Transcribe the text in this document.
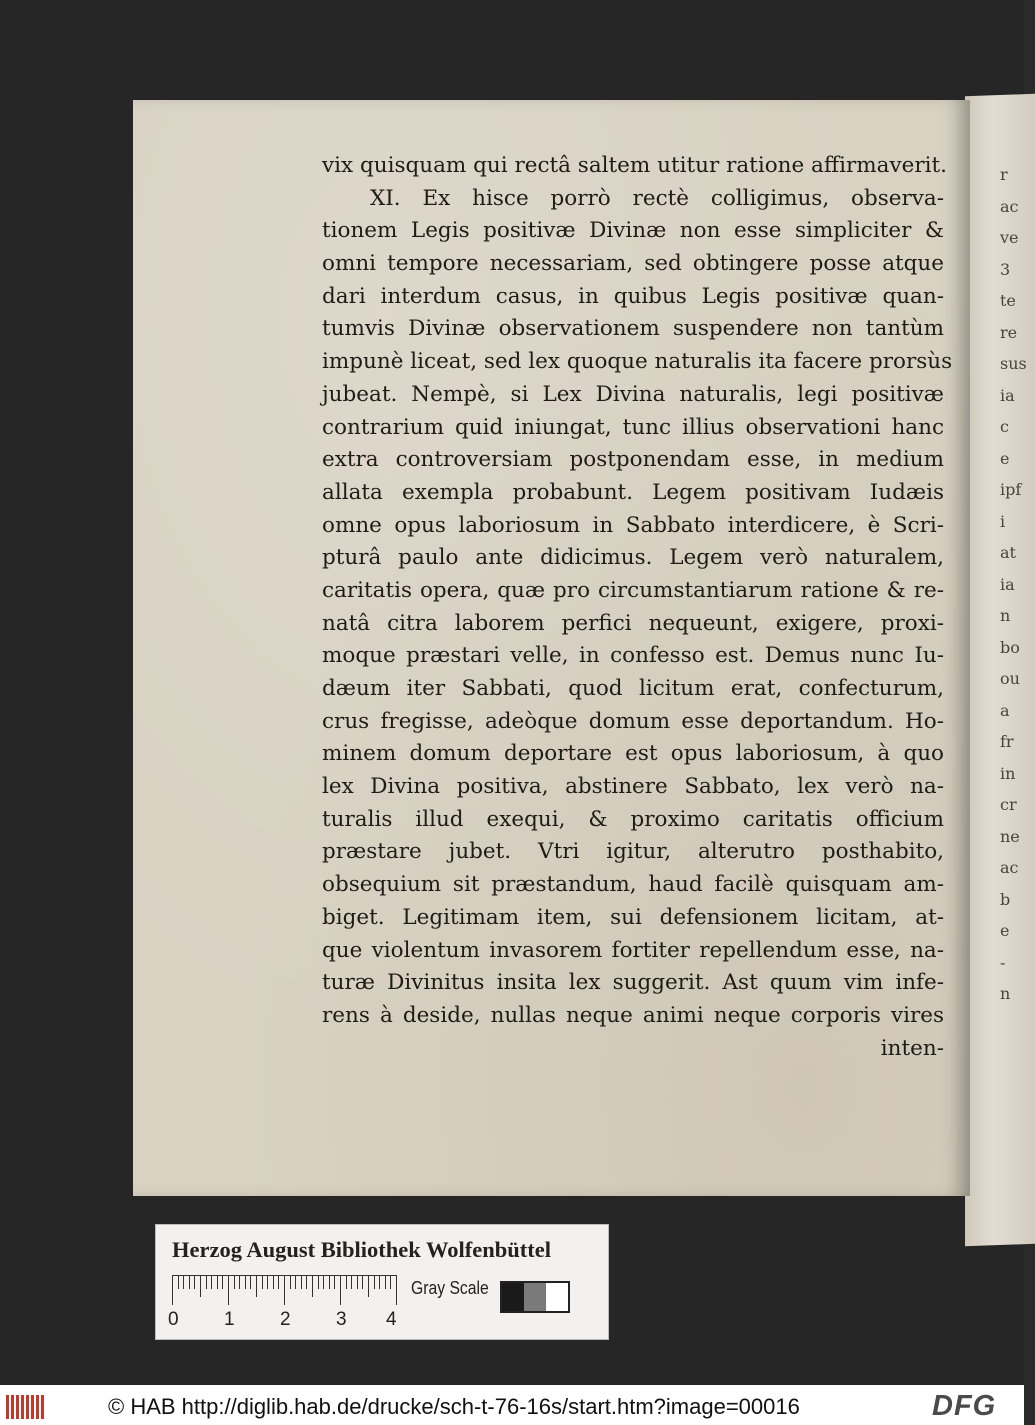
r
ac
ve
3
te
re
sus
ia
c
e
ipf
i
at
ia
n
bo
ou
a
fr
in
cr
ne
ac
b
e
-
n
vix quisquam qui rectâ saltem utitur ratione affirmaverit.
XI. Ex hisce porrò rectè colligimus, observa-
tionem Legis positivæ Divinæ non esse simpliciter &
omni tempore necessariam, sed obtingere posse atque
dari interdum casus, in quibus Legis positivæ quan-
tumvis Divinæ observationem suspendere non tantùm
impunè liceat, sed lex quoque naturalis ita facere prorsùs
jubeat. Nempè, si Lex Divina naturalis, legi positivæ
contrarium quid iniungat, tunc illius observationi hanc
extra controversiam postponendam esse, in medium
allata exempla probabunt. Legem positivam Iudæis
omne opus laboriosum in Sabbato interdicere, è Scri-
pturâ paulo ante didicimus. Legem verò naturalem,
caritatis opera, quæ pro circumstantiarum ratione & re-
natâ citra laborem perfici nequeunt, exigere, proxi-
moque præstari velle, in confesso est. Demus nunc Iu-
dæum iter Sabbati, quod licitum erat, confecturum,
crus fregisse, adeòque domum esse deportandum. Ho-
minem domum deportare est opus laboriosum, à quo
lex Divina positiva, abstinere Sabbato, lex verò na-
turalis illud exequi, & proximo caritatis officium
præstare jubet. Vtri igitur, alterutro posthabito,
obsequium sit præstandum, haud facilè quisquam am-
biget. Legitimam item, sui defensionem licitam, at-
que violentum invasorem fortiter repellendum esse, na-
turæ Divinitus insita lex suggerit. Ast quum vim infe-
rens à deside, nullas neque animi neque corporis vires
inten-
Herzog August Bibliothek Wolfenbüttel
0 1 2 3 4
Gray Scale
© HAB http://diglib.hab.de/drucke/sch-t-76-16s/start.htm?image=00016	DFG
